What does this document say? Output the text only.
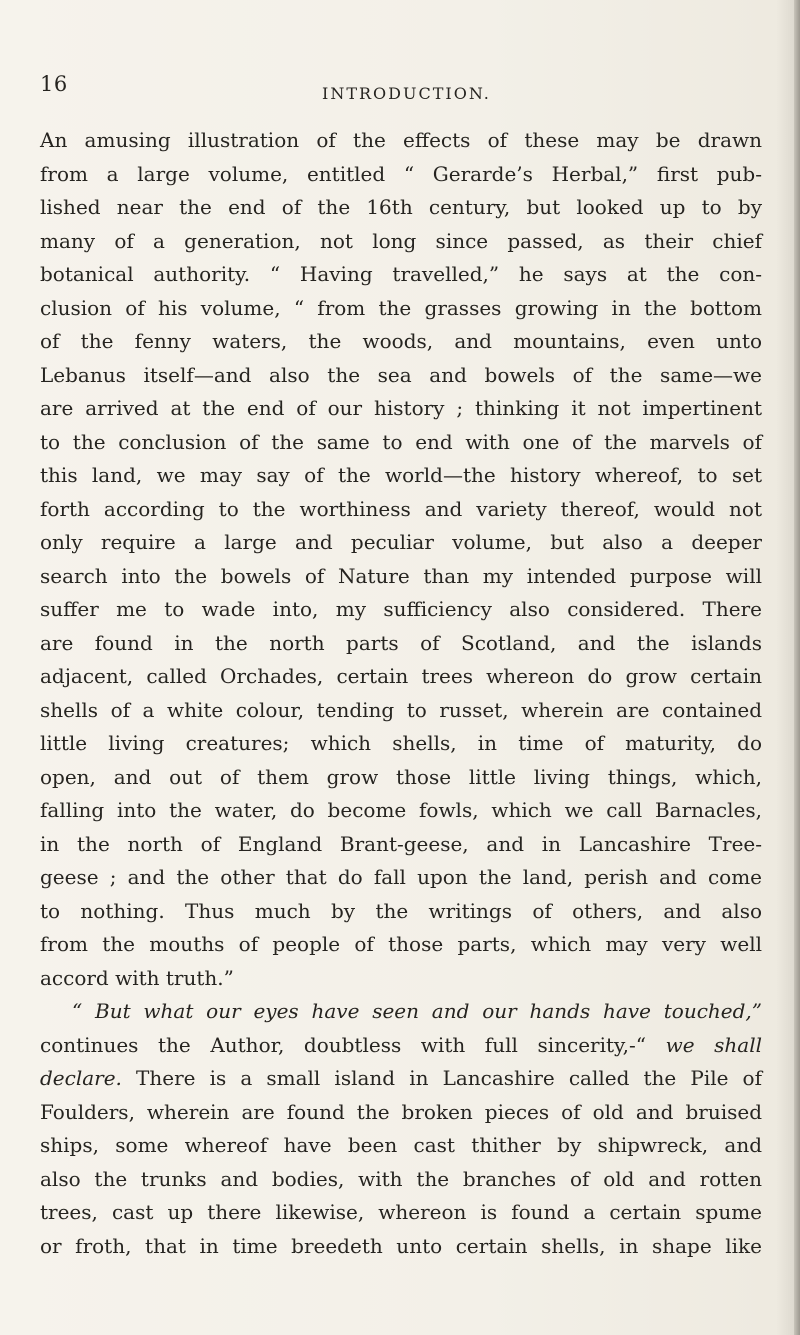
16	INTRODUCTION.
An amusing illustration of the effects of these may be drawn
from a large volume, entitled “ Gerarde’s Herbal,” first pub-
lished near the end of the 16th century, but looked up to by
many of a generation, not long since passed, as their chief
botanical authority. “ Having travelled,” he says at the con-
clusion of his volume, “ from the grasses growing in the bottom
of the fenny waters, the woods, and mountains, even unto
Lebanus itself—and also the sea and bowels of the same—we
are arrived at the end of our history ; thinking it not impertinent
to the conclusion of the same to end with one of the marvels of
this land, we may say of the world—the history whereof, to set
forth according to the worthiness and variety thereof, would not
only require a large and peculiar volume, but also a deeper
search into the bowels of Nature than my intended purpose will
suffer me to wade into, my sufficiency also considered. There
are found in the north parts of Scotland, and the islands
adjacent, called Orchades, certain trees whereon do grow certain
shells of a white colour, tending to russet, wherein are contained
little living creatures; which shells, in time of maturity, do
open, and out of them grow those little living things, which,
falling into the water, do become fowls, which we call Barnacles,
in the north of England Brant-geese, and in Lancashire Tree-
geese ; and the other that do fall upon the land, perish and come
to nothing. Thus much by the writings of others, and also
from the mouths of people of those parts, which may very well
accord with truth.”
“ But what our eyes have seen and our hands have touched,”
continues the Author, doubtless with full sincerity,-“ we shall
declare. There is a small island in Lancashire called the Pile of
Foulders, wherein are found the broken pieces of old and bruised
ships, some whereof have been cast thither by shipwreck, and
also the trunks and bodies, with the branches of old and rotten
trees, cast up there likewise, whereon is found a certain spume
or froth, that in time breedeth unto certain shells, in shape like
